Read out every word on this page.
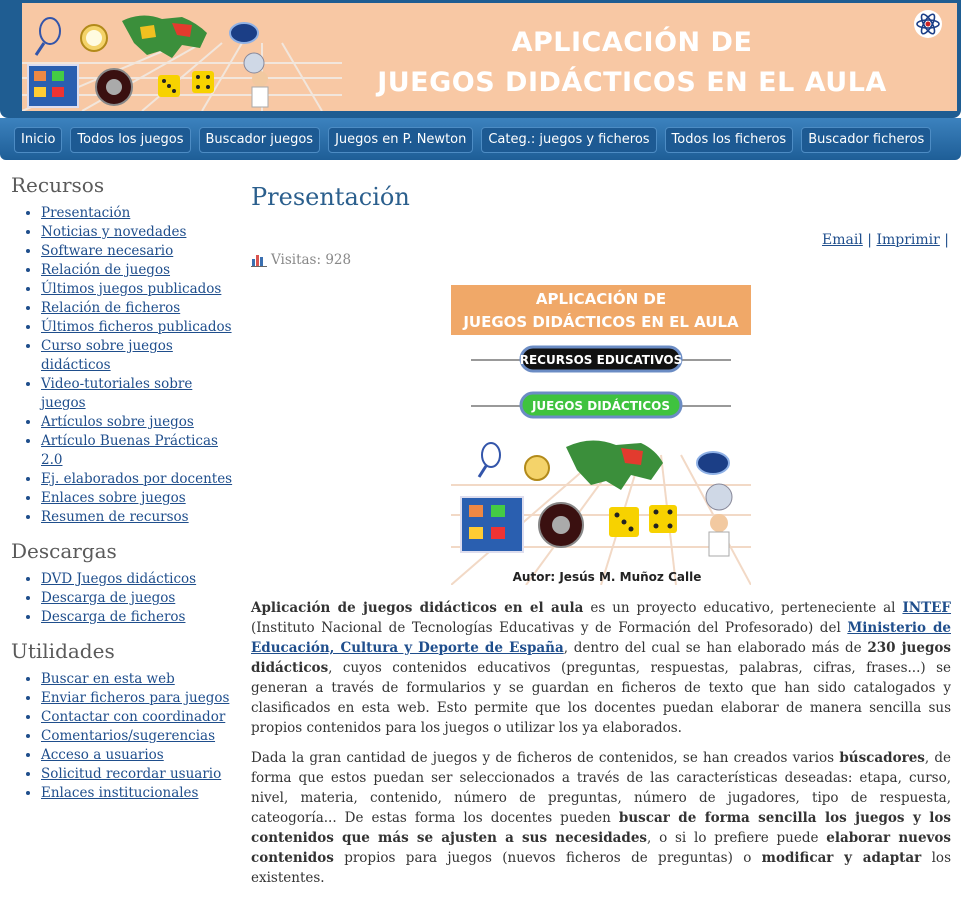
APLICACIÓN DE
JUEGOS DIDÁCTICOS EN EL AULA
Inicio	Todos los juegos	Buscador juegos	Juegos en P. Newton	Categ.: juegos y ficheros	Todos los ficheros	Buscador ficheros
Recursos
• Presentación
• Noticias y novedades
• Software necesario
• Relación de juegos
• Últimos juegos publicados
• Relación de ficheros
• Últimos ficheros publicados
• Curso sobre juegos didácticos
• Video-tutoriales sobre juegos
• Artículos sobre juegos
• Artículo Buenas Prácticas 2.0
• Ej. elaborados por docentes
• Enlaces sobre juegos
• Resumen de recursos
Descargas
• DVD Juegos didácticos
• Descarga de juegos
• Descarga de ficheros
Utilidades
• Buscar en esta web
• Enviar ficheros para juegos
• Contactar con coordinador
• Comentarios/sugerencias
• Acceso a usuarios
• Solicitud recordar usuario
• Enlaces institucionales
Presentación
Email | Imprimir |
Visitas: 928
APLICACIÓN DE
JUEGOS DIDÁCTICOS EN EL AULA
RECURSOS EDUCATIVOS
JUEGOS DIDÁCTICOS
Autor: Jesús M. Muñoz Calle

Aplicación de juegos didácticos en el aula es un proyecto educativo, perteneciente al INTEF (Instituto Nacional de Tecnologías Educativas y de Formación del Profesorado) del Ministerio de Educación, Cultura y Deporte de España, dentro del cual se han elaborado más de 230 juegos didácticos, cuyos contenidos educativos (preguntas, respuestas, palabras, cifras, frases...) se generan a través de formularios y se guardan en ficheros de texto que han sido catalogados y clasificados en esta web. Esto permite que los docentes puedan elaborar de manera sencilla sus propios contenidos para los juegos o utilizar los ya elaborados.

Dada la gran cantidad de juegos y de ficheros de contenidos, se han creados varios búscadores, de forma que estos puedan ser seleccionados a través de las características deseadas: etapa, curso, nivel, materia, contenido, número de preguntas, número de jugadores, tipo de respuesta, cateogoría... De estas forma los docentes pueden buscar de forma sencilla los juegos y los contenidos que más se ajusten a sus necesidades, o si lo prefiere puede elaborar nuevos contenidos propios para juegos (nuevos ficheros de preguntas) o modificar y adaptar los existentes.
